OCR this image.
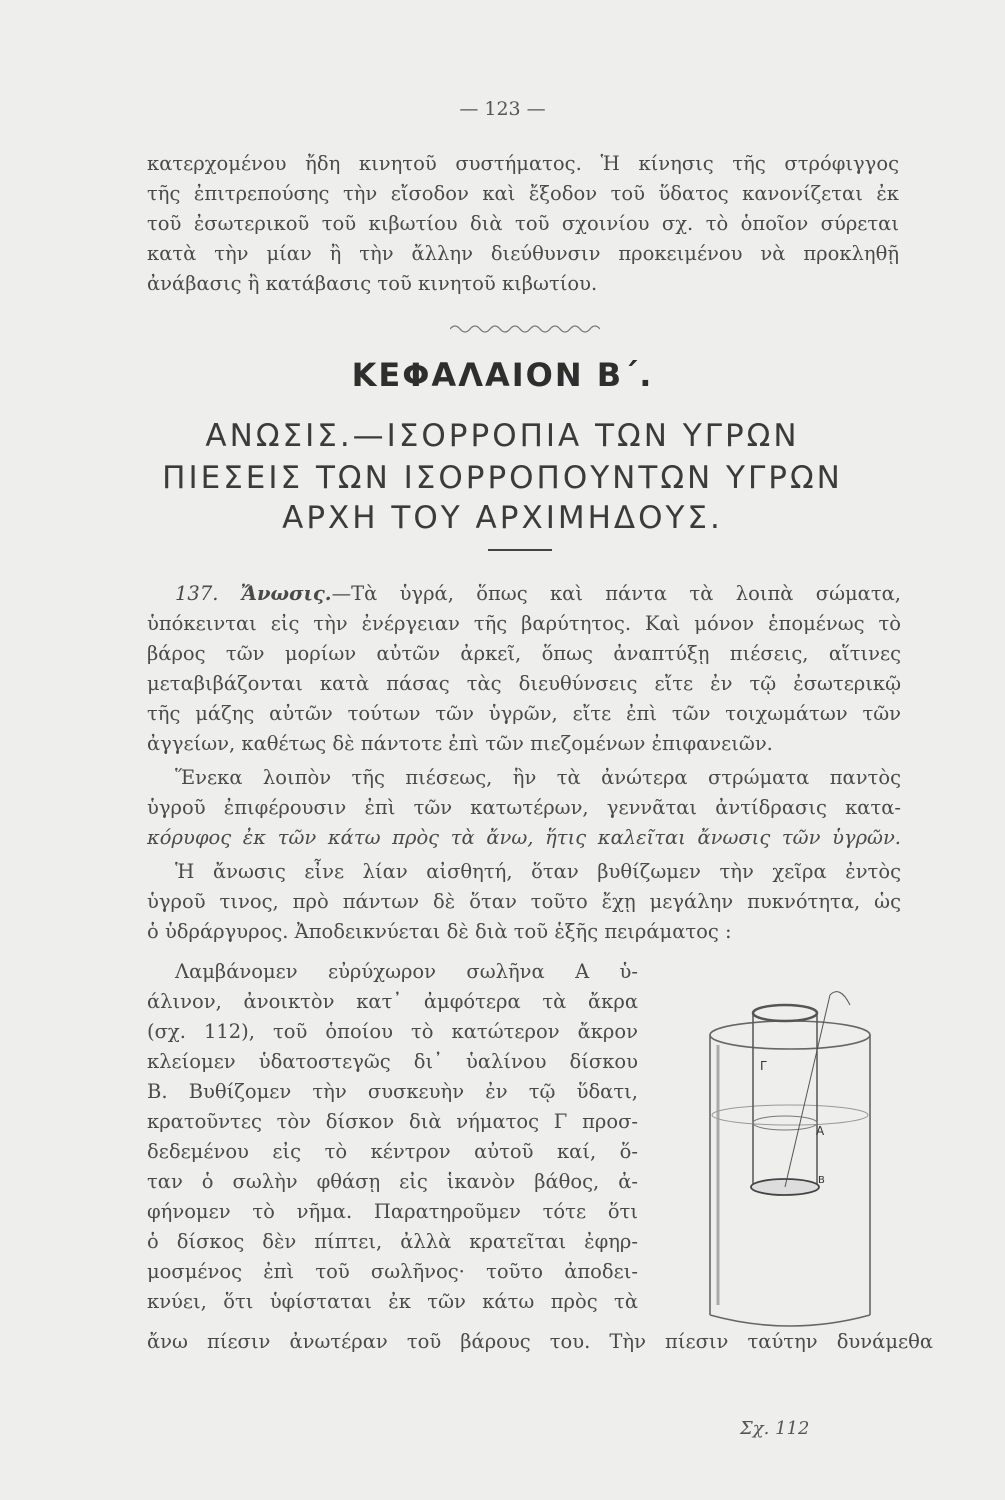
— 123 —
κατερχομένου ἤδη κινητοῦ συστήματος. Ἡ κίνησις τῆς στρόφιγγος
τῆς ἐπιτρεπούσης τὴν εἴσοδον καὶ ἔξοδον τοῦ ὕδατος κανονίζεται ἐκ
τοῦ ἐσωτερικοῦ τοῦ κιβωτίου διὰ τοῦ σχοινίου σχ. τὸ ὁποῖον σύρεται
κατὰ τὴν μίαν ἢ τὴν ἄλλην διεύθυνσιν προκειμένου νὰ προκληθῇ
ἀνάβασις ἢ κατάβασις τοῦ κινητοῦ κιβωτίου.
ΚΕΦΑΛΑΙΟΝ Β΄.
ΑΝΩΣΙΣ.—ΙΣΟΡΡΟΠΙΑ ΤΩΝ ΥΓΡΩΝ
ΠΙΕΣΕΙΣ ΤΩΝ ΙΣΟΡΡΟΠΟΥΝΤΩΝ ΥΓΡΩΝ
ΑΡΧΗ ΤΟΥ ΑΡΧΙΜΗΔΟΥΣ.
137. Ἄνωσις.—Τὰ ὑγρά, ὅπως καὶ πάντα τὰ λοιπὰ σώματα,
ὑπόκεινται εἰς τὴν ἐνέργειαν τῆς βαρύτητος. Καὶ μόνον ἑπομένως τὸ
βάρος τῶν μορίων αὐτῶν ἀρκεῖ, ὅπως ἀναπτύξῃ πιέσεις, αἵτινες
μεταβιβάζονται κατὰ πάσας τὰς διευθύνσεις εἴτε ἐν τῷ ἐσωτερικῷ
τῆς μάζης αὐτῶν τούτων τῶν ὑγρῶν, εἴτε ἐπὶ τῶν τοιχωμάτων τῶν
ἀγγείων, καθέτως δὲ πάντοτε ἐπὶ τῶν πιεζομένων ἐπιφανειῶν.
Ἕνεκα λοιπὸν τῆς πιέσεως, ἣν τὰ ἀνώτερα στρώματα παντὸς
ὑγροῦ ἐπιφέρουσιν ἐπὶ τῶν κατωτέρων, γεννᾶται ἀντίδρασις κατα-
κόρυφος ἐκ τῶν κάτω πρὸς τὰ ἄνω, ἥτις καλεῖται ἄνωσις τῶν ὑγρῶν.
Ἡ ἄνωσις εἶνε λίαν αἰσθητή, ὅταν βυθίζωμεν τὴν χεῖρα ἐντὸς
ὑγροῦ τινος, πρὸ πάντων δὲ ὅταν τοῦτο ἔχῃ μεγάλην πυκνότητα, ὡς
ὁ ὑδράργυρος. Ἀποδεικνύεται δὲ διὰ τοῦ ἑξῆς πειράματος :
Λαμβάνομεν εὐρύχωρον σωλῆνα Α ὑ-
άλινον, ἀνοικτὸν κατ᾽ ἀμφότερα τὰ ἄκρα
(σχ. 112), τοῦ ὁποίου τὸ κατώτερον ἄκρον
κλείομεν ὑδατοστεγῶς δι᾽ ὑαλίνου δίσκου
Β. Βυθίζομεν τὴν συσκευὴν ἐν τῷ ὕδατι,
κρατοῦντες τὸν δίσκον διὰ νήματος Γ προσ-
δεδεμένου εἰς τὸ κέντρον αὐτοῦ καί, ὅ-
ταν ὁ σωλὴν φθάσῃ εἰς ἱκανὸν βάθος, ἀ-
φήνομεν τὸ νῆμα. Παρατηροῦμεν τότε ὅτι
ὁ δίσκος δὲν πίπτει, ἀλλὰ κρατεῖται ἐφηρ-
μοσμένος ἐπὶ τοῦ σωλῆνος· τοῦτο ἀποδει-
κνύει, ὅτι ὑφίσταται ἐκ τῶν κάτω πρὸς τὰ
ἄνω πίεσιν ἀνωτέραν τοῦ βάρους του. Τὴν πίεσιν ταύτην δυνάμεθα
Γ
Α
Β
Σχ. 112
